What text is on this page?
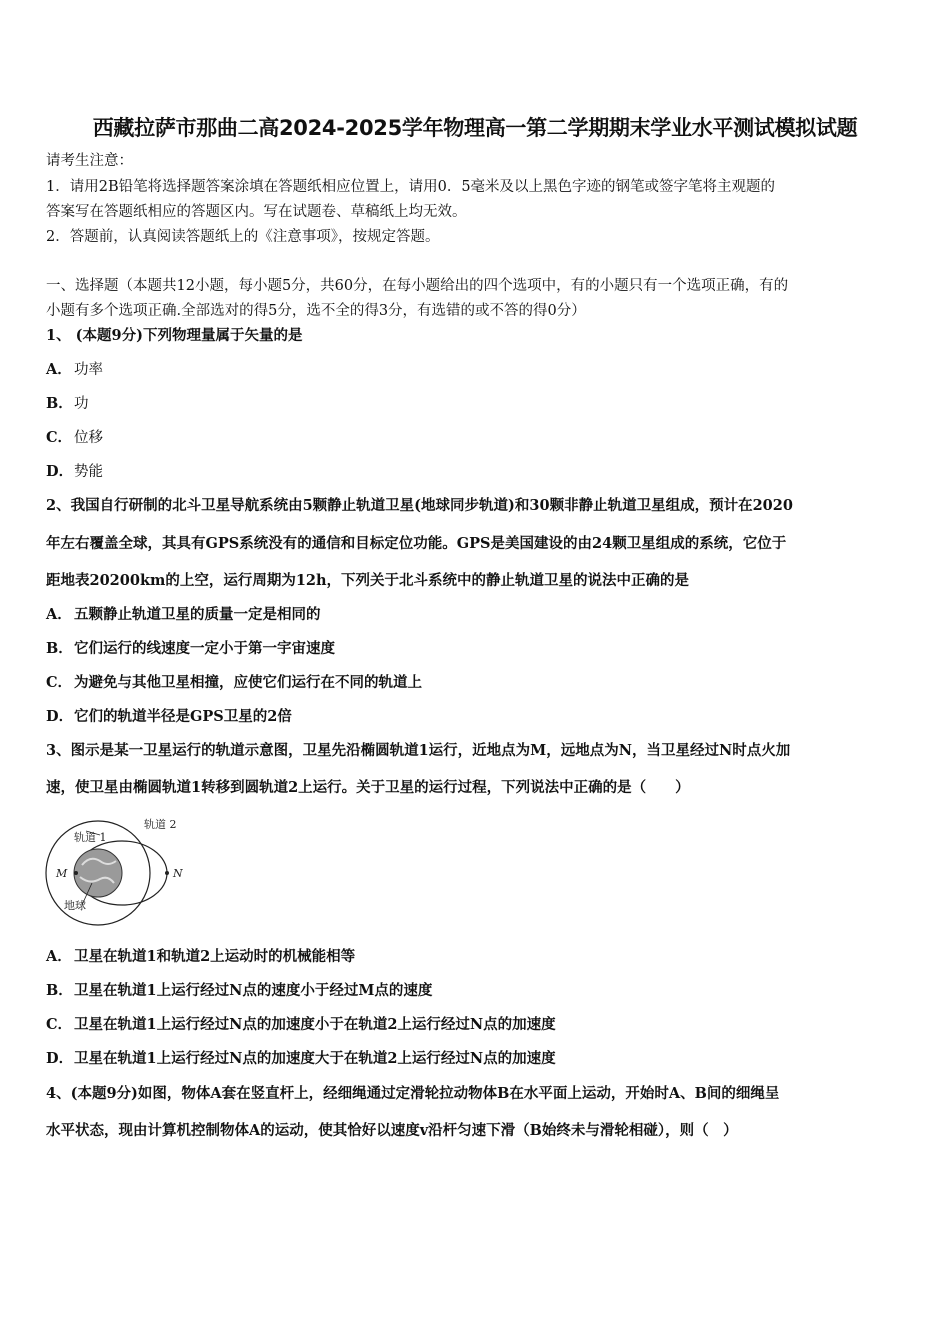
西藏拉萨市那曲二高2024-2025学年物理高一第二学期期末学业水平测试模拟试题
请考生注意：
1．请用2B铅笔将选择题答案涂填在答题纸相应位置上，请用0．5毫米及以上黑色字迹的钢笔或签字笔将主观题的
答案写在答题纸相应的答题区内。写在试题卷、草稿纸上均无效。
2．答题前，认真阅读答题纸上的《注意事项》，按规定答题。
一、选择题（本题共12小题，每小题5分，共60分，在每小题给出的四个选项中，有的小题只有一个选项正确，有的
小题有多个选项正确.全部选对的得5分，选不全的得3分，有选错的或不答的得0分）
1、 (本题9分)下列物理量属于矢量的是
A． 功率
B．功
C． 位移
D．势能
2、我国自行研制的北斗卫星导航系统由5颗静止轨道卫星(地球同步轨道)和30颗非静止轨道卫星组成，预计在2020
年左右覆盖全球，其具有GPS系统没有的通信和目标定位功能。GPS是美国建设的由24颗卫星组成的系统，它位于
距地表20200km的上空，运行周期为12h，下列关于北斗系统中的静止轨道卫星的说法中正确的是
A． 五颗静止轨道卫星的质量一定是相同的
B．它们运行的线速度一定小于第一宇宙速度
C． 为避免与其他卫星相撞，应使它们运行在不同的轨道上
D．它们的轨道半径是GPS卫星的2倍
3、图示是某一卫星运行的轨道示意图，卫星先沿椭圆轨道1运行，近地点为M，远地点为N，当卫星经过N时点火加
速，使卫星由椭圆轨道1转移到圆轨道2上运行。关于卫星的运行过程，下列说法中正确的是（　　）
轨道 1
轨道 2
M	N
地球
A． 卫星在轨道1和轨道2上运动时的机械能相等
B．卫星在轨道1上运行经过N点的速度小于经过M点的速度
C． 卫星在轨道1上运行经过N点的加速度小于在轨道2上运行经过N点的加速度
D．卫星在轨道1上运行经过N点的加速度大于在轨道2上运行经过N点的加速度
4、(本题9分)如图，物体A套在竖直杆上，经细绳通过定滑轮拉动物体B在水平面上运动，开始时A、B间的细绳呈
水平状态，现由计算机控制物体A的运动，使其恰好以速度v沿杆匀速下滑（B始终未与滑轮相碰），则（　）
